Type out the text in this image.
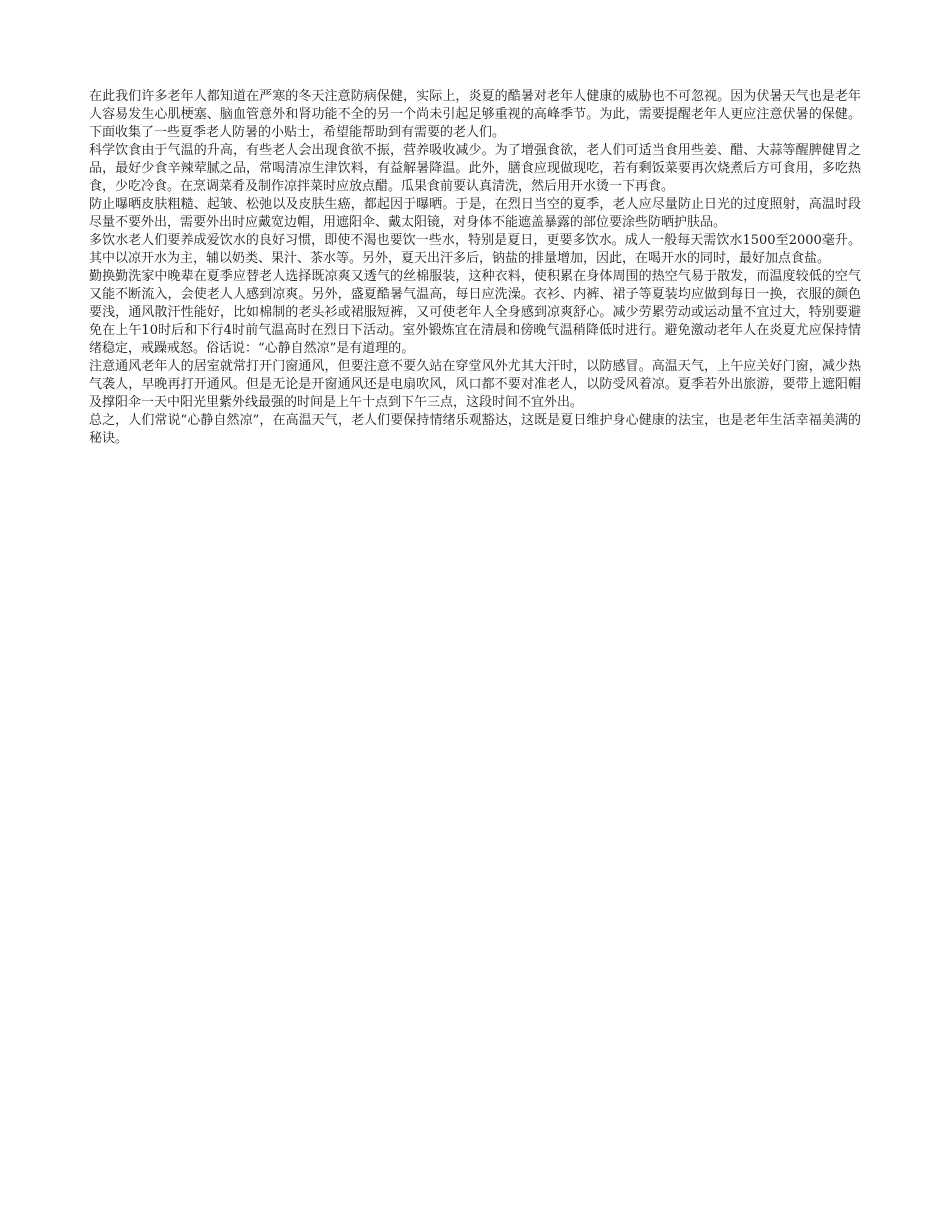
在此我们许多老年人都知道在严寒的冬天注意防病保健，实际上，炎夏的酷暑对老年人健康的威胁也不可忽视。因为伏暑天气也是老年人容易发生心肌梗塞、脑血管意外和肾功能不全的另一个尚未引起足够重视的高峰季节。为此，需要提醒老年人更应注意伏暑的保健。下面收集了一些夏季老人防暑的小贴士，希望能帮助到有需要的老人们。

科学饮食由于气温的升高，有些老人会出现食欲不振，营养吸收减少。为了增强食欲，老人们可适当食用些姜、醋、大蒜等醒脾健胃之品，最好少食辛辣荤腻之品，常喝清凉生津饮料，有益解暑降温。此外，膳食应现做现吃，若有剩饭菜要再次烧煮后方可食用，多吃热食，少吃冷食。在烹调菜肴及制作凉拌菜时应放点醋。瓜果食前要认真清洗，然后用开水烫一下再食。

防止曝晒皮肤粗糙、起皱、松弛以及皮肤生癌，都起因于曝晒。于是，在烈日当空的夏季，老人应尽量防止日光的过度照射，高温时段尽量不要外出，需要外出时应戴宽边帽，用遮阳伞、戴太阳镜，对身体不能遮盖暴露的部位要涂些防晒护肤品。

多饮水老人们要养成爱饮水的良好习惯，即使不渴也要饮一些水，特别是夏日，更要多饮水。成人一般每天需饮水1500至2000毫升。其中以凉开水为主，辅以奶类、果汁、茶水等。另外，夏天出汗多后，钠盐的排量增加，因此，在喝开水的同时，最好加点食盐。

勤换勤洗家中晚辈在夏季应替老人选择既凉爽又透气的丝棉服装，这种衣料，使积累在身体周围的热空气易于散发，而温度较低的空气又能不断流入，会使老人人感到凉爽。另外，盛夏酷暑气温高，每日应洗澡。衣衫、内裤、裙子等夏装均应做到每日一换，衣服的颜色要浅，通风散汗性能好，比如棉制的老头衫或裙服短裤，又可使老年人全身感到凉爽舒心。减少劳累劳动或运动量不宜过大，特别要避免在上午10时后和下行4时前气温高时在烈日下活动。室外锻炼宜在清晨和傍晚气温稍降低时进行。避免激动老年人在炎夏尤应保持情绪稳定，戒躁戒怒。俗话说：“心静自然凉”是有道理的。

注意通风老年人的居室就常打开门窗通风，但要注意不要久站在穿堂风外尤其大汗时，以防感冒。高温天气，上午应关好门窗，减少热气袭人，早晚再打开通风。但是无论是开窗通风还是电扇吹风，风口都不要对准老人，以防受风着凉。夏季若外出旅游，要带上遮阳帽及撑阳伞一天中阳光里紫外线最强的时间是上午十点到下午三点，这段时间不宜外出。

总之，人们常说“心静自然凉”，在高温天气，老人们要保持情绪乐观豁达，这既是夏日维护身心健康的法宝，也是老年生活幸福美满的秘诀。
